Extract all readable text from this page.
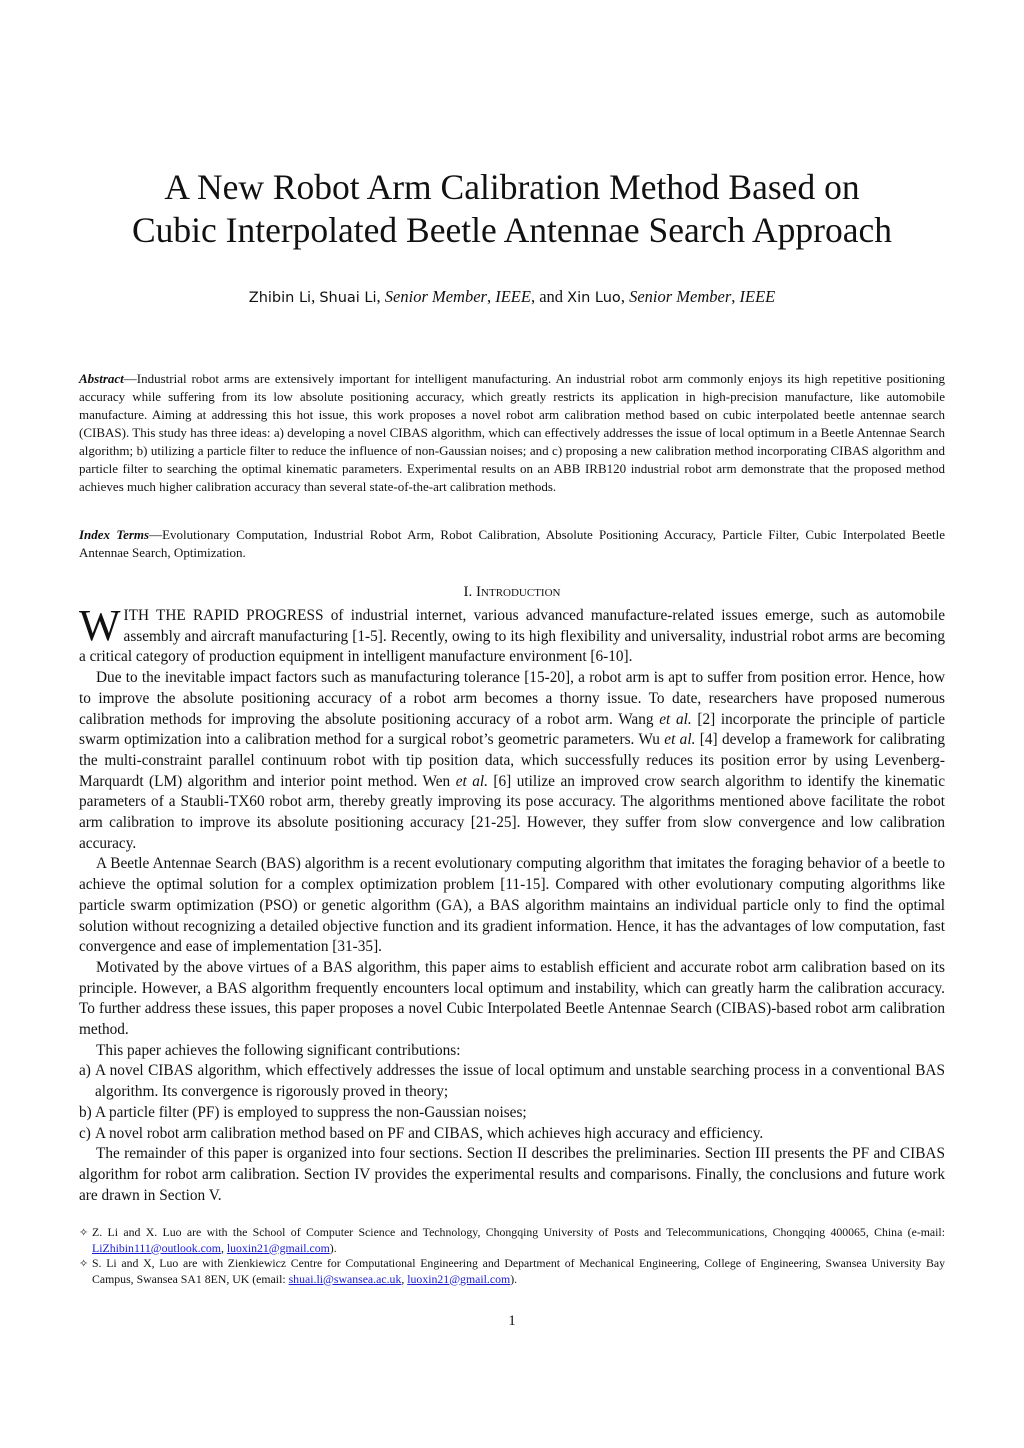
A New Robot Arm Calibration Method Based on
Cubic Interpolated Beetle Antennae Search Approach
Zhibin Li, Shuai Li, Senior Member, IEEE, and Xin Luo, Senior Member, IEEE
Abstract—Industrial robot arms are extensively important for intelligent manufacturing. An industrial robot arm commonly enjoys its high repetitive positioning accuracy while suffering from its low absolute positioning accuracy, which greatly restricts its application in high-precision manufacture, like automobile manufacture. Aiming at addressing this hot issue, this work proposes a novel robot arm calibration method based on cubic interpolated beetle antennae search (CIBAS). This study has three ideas: a) developing a novel CIBAS algorithm, which can effectively addresses the issue of local optimum in a Beetle Antennae Search algorithm; b) utilizing a particle filter to reduce the influence of non-Gaussian noises; and c) proposing a new calibration method incorporating CIBAS algorithm and particle filter to searching the optimal kinematic parameters. Experimental results on an ABB IRB120 industrial robot arm demonstrate that the proposed method achieves much higher calibration accuracy than several state-of-the-art calibration methods.
Index Terms—Evolutionary Computation, Industrial Robot Arm, Robot Calibration, Absolute Positioning Accuracy, Particle Filter, Cubic Interpolated Beetle Antennae Search, Optimization.
I. Introduction

WITH THE RAPID PROGRESS of industrial internet, various advanced manufacture-related issues emerge, such as automobile assembly and aircraft manufacturing [1-5]. Recently, owing to its high flexibility and universality, industrial robot arms are becoming a critical category of production equipment in intelligent manufacture environment [6-10].

Due to the inevitable impact factors such as manufacturing tolerance [15-20], a robot arm is apt to suffer from position error. Hence, how to improve the absolute positioning accuracy of a robot arm becomes a thorny issue. To date, researchers have proposed numerous calibration methods for improving the absolute positioning accuracy of a robot arm. Wang et al. [2] incorporate the principle of particle swarm optimization into a calibration method for a surgical robot’s geometric parameters. Wu et al. [4] develop a framework for calibrating the multi-constraint parallel continuum robot with tip position data, which successfully reduces its position error by using Levenberg-Marquardt (LM) algorithm and interior point method. Wen et al. [6] utilize an improved crow search algorithm to identify the kinematic parameters of a Staubli-TX60 robot arm, thereby greatly improving its pose accuracy. The algorithms mentioned above facilitate the robot arm calibration to improve its absolute positioning accuracy [21-25]. However, they suffer from slow convergence and low calibration accuracy.

A Beetle Antennae Search (BAS) algorithm is a recent evolutionary computing algorithm that imitates the foraging behavior of a beetle to achieve the optimal solution for a complex optimization problem [11-15]. Compared with other evolutionary computing algorithms like particle swarm optimization (PSO) or genetic algorithm (GA), a BAS algorithm maintains an individual particle only to find the optimal solution without recognizing a detailed objective function and its gradient information. Hence, it has the advantages of low computation, fast convergence and ease of implementation [31-35].

Motivated by the above virtues of a BAS algorithm, this paper aims to establish efficient and accurate robot arm calibration based on its principle. However, a BAS algorithm frequently encounters local optimum and instability, which can greatly harm the calibration accuracy. To further address these issues, this paper proposes a novel Cubic Interpolated Beetle Antennae Search (CIBAS)-based robot arm calibration method.

This paper achieves the following significant contributions:

a) A novel CIBAS algorithm, which effectively addresses the issue of local optimum and unstable searching process in a conventional BAS algorithm. Its convergence is rigorously proved in theory;
b) A particle filter (PF) is employed to suppress the non-Gaussian noises;
c) A novel robot arm calibration method based on PF and CIBAS, which achieves high accuracy and efficiency.

The remainder of this paper is organized into four sections. Section II describes the preliminaries. Section III presents the PF and CIBAS algorithm for robot arm calibration. Section IV provides the experimental results and comparisons. Finally, the conclusions and future work are drawn in Section V.

✧ Z. Li and X. Luo are with the School of Computer Science and Technology, Chongqing University of Posts and Telecommunications, Chongqing 400065, China (e-mail: LiZhibin111@outlook.com, luoxin21@gmail.com).
✧ S. Li and X, Luo are with Zienkiewicz Centre for Computational Engineering and Department of Mechanical Engineering, College of Engineering, Swansea University Bay Campus, Swansea SA1 8EN, UK (email: shuai.li@swansea.ac.uk, luoxin21@gmail.com).
1
